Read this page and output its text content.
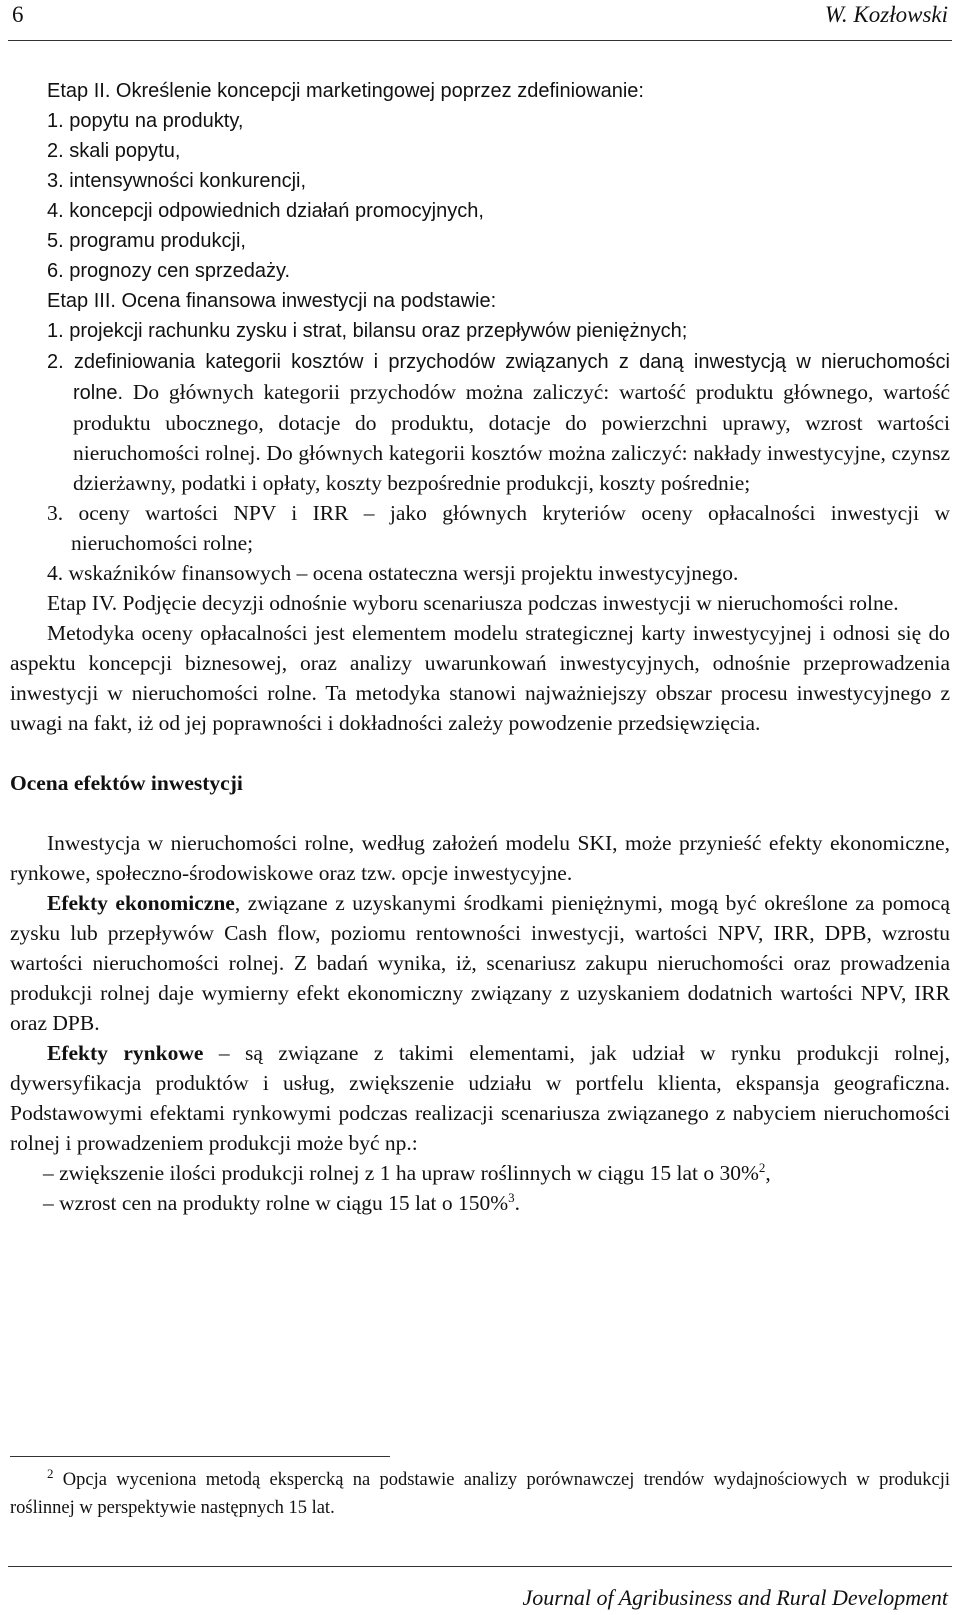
6	W. Kozłowski

Etap II. Określenie koncepcji marketingowej poprzez zdefiniowanie:

1. popytu na produkty,

2. skali popytu,

3. intensywności konkurencji,

4. koncepcji odpowiednich działań promocyjnych,

5. programu produkcji,

6. prognozy cen sprzedaży.

Etap III. Ocena finansowa inwestycji na podstawie:

1. projekcji rachunku zysku i strat, bilansu oraz przepływów pieniężnych;

2. zdefiniowania kategorii kosztów i przychodów związanych z daną inwestycją w nieruchomości rolne. Do głównych kategorii przychodów można zaliczyć: wartość produktu głównego, wartość produktu ubocznego, dotacje do produktu, dotacje do powierzchni uprawy, wzrost wartości nieruchomości rolnej. Do głównych kategorii kosztów można zaliczyć: nakłady inwestycyjne, czynsz dzierżawny, podatki i opłaty, koszty bezpośrednie produkcji, koszty pośrednie;

3. oceny wartości NPV i IRR – jako głównych kryteriów oceny opłacalności inwestycji w nieruchomości rolne;

4. wskaźników finansowych – ocena ostateczna wersji projektu inwestycyjnego.

Etap IV. Podjęcie decyzji odnośnie wyboru scenariusza podczas inwestycji w nieruchomości rolne.

Metodyka oceny opłacalności jest elementem modelu strategicznej karty inwestycyjnej i odnosi się do aspektu koncepcji biznesowej, oraz analizy uwarunkowań inwestycyjnych, odnośnie przeprowadzenia inwestycji w nieruchomości rolne. Ta metodyka stanowi najważniejszy obszar procesu inwestycyjnego z uwagi na fakt, iż od jej poprawności i dokładności zależy powodzenie przedsięwzięcia.

Ocena efektów inwestycji

Inwestycja w nieruchomości rolne, według założeń modelu SKI, może przynieść efekty ekonomiczne, rynkowe, społeczno-środowiskowe oraz tzw. opcje inwestycyjne.

Efekty ekonomiczne, związane z uzyskanymi środkami pieniężnymi, mogą być określone za pomocą zysku lub przepływów Cash flow, poziomu rentowności inwestycji, wartości NPV, IRR, DPB, wzrostu wartości nieruchomości rolnej. Z badań wynika, iż, scenariusz zakupu nieruchomości oraz prowadzenia produkcji rolnej daje wymierny efekt ekonomiczny związany z uzyskaniem dodatnich wartości NPV, IRR oraz DPB.

Efekty rynkowe – są związane z takimi elementami, jak udział w rynku produkcji rolnej, dywersyfikacja produktów i usług, zwiększenie udziału w portfelu klienta, ekspansja geograficzna. Podstawowymi efektami rynkowymi podczas realizacji scenariusza związanego z nabyciem nieruchomości rolnej i prowadzeniem produkcji może być np.:

– zwiększenie ilości produkcji rolnej z 1 ha upraw roślinnych w ciągu 15 lat o 30%$^2$,

– wzrost cen na produkty rolne w ciągu 15 lat o 150%$^3$.

$^2$ Opcja wyceniona metodą ekspercką na podstawie analizy porównawczej trendów wydajnościowych w produkcji roślinnej w perspektywie następnych 15 lat.

Journal of Agribusiness and Rural Development
